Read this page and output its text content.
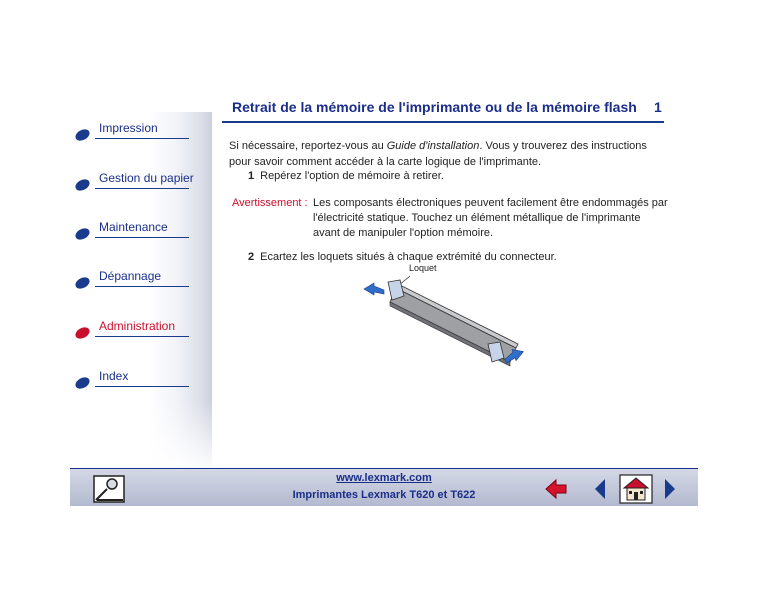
Impression
Gestion du papier
Maintenance
Dépannage
Administration
Index
Retrait de la mémoire de l'imprimante ou de la mémoire flash 1
Si nécessaire, reportez-vous au Guide d'installation. Vous y trouverez des instructions pour savoir comment accéder à la carte logique de l'imprimante.
1 Repérez l'option de mémoire à retirer.
Avertissement : Les composants électroniques peuvent facilement être endommagés par l'électricité statique. Touchez un élément métallique de l'imprimante avant de manipuler l'option mémoire.
2 Ecartez les loquets situés à chaque extrémité du connecteur.
Loquet
www.lexmark.com
Imprimantes Lexmark T620 et T622
